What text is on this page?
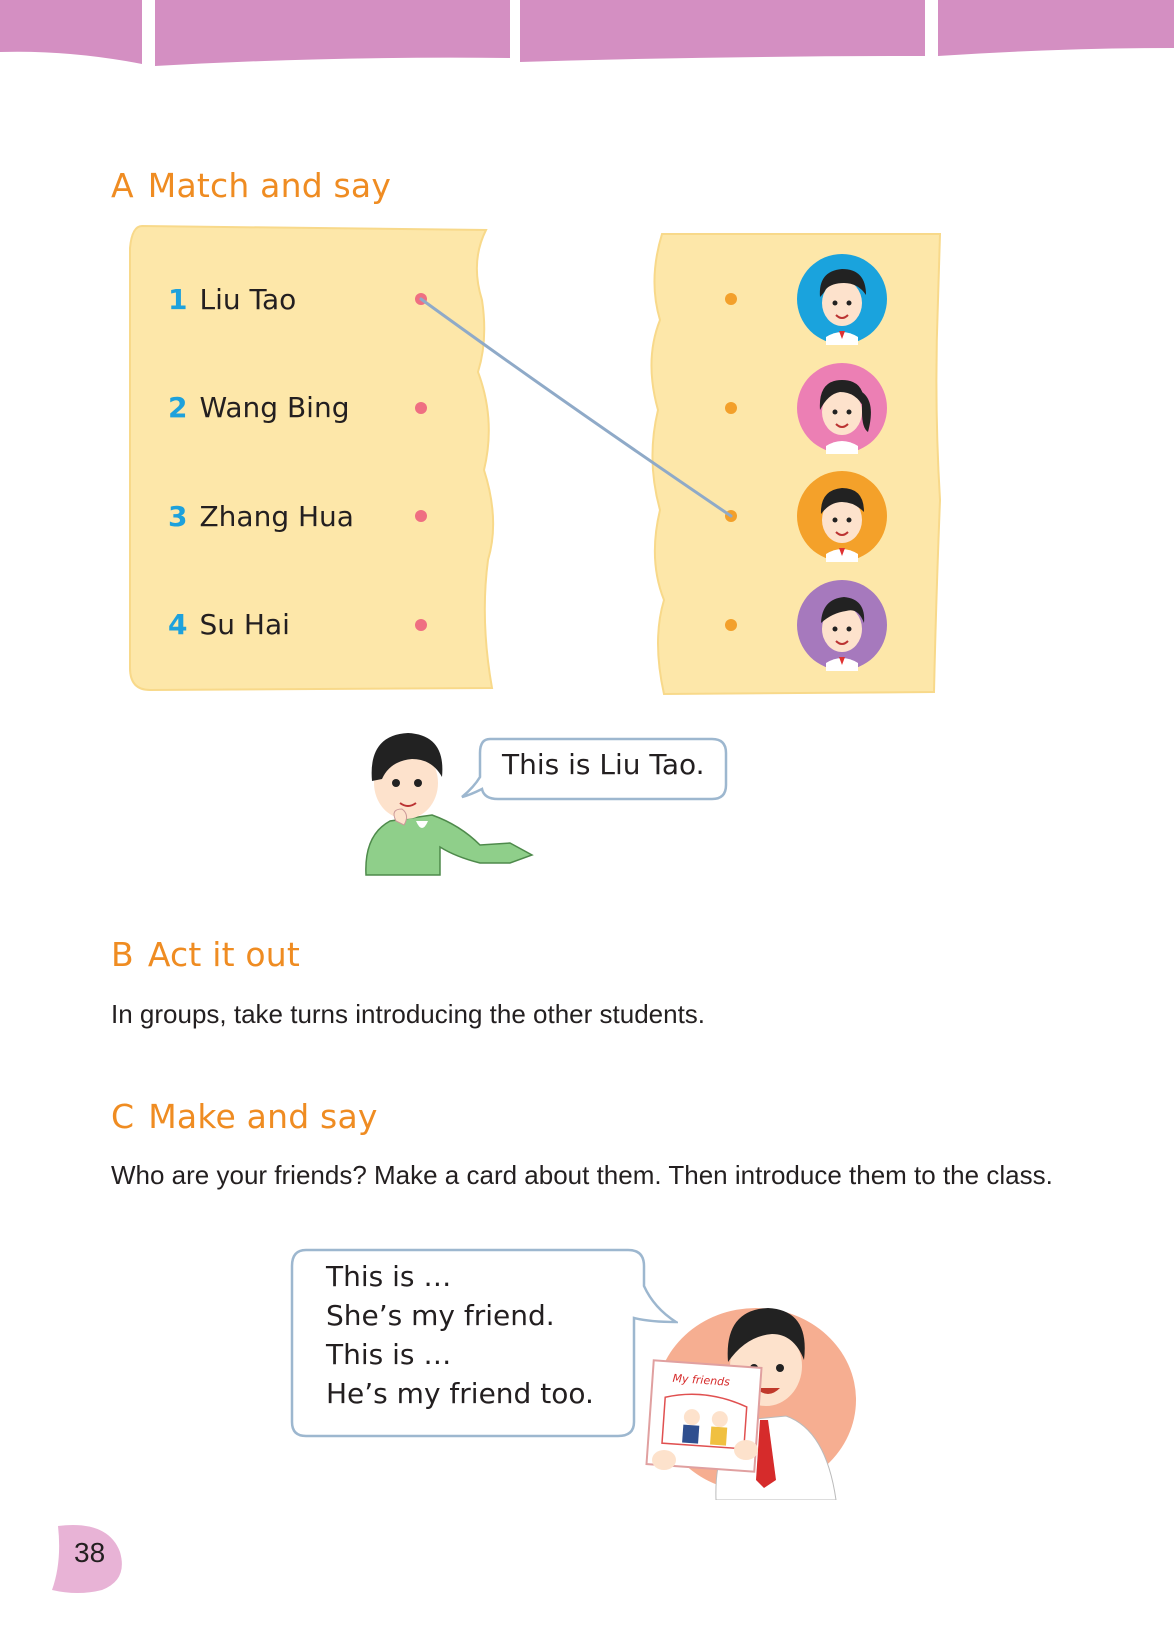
A Match and say
1 Liu Tao
2 Wang Bing
3 Zhang Hua
4 Su Hai

This is Liu Tao.

B Act it out

In groups, take turns introducing the other students.

C Make and say

Who are your friends? Make a card about them. Then introduce them to the class.

This is …
She’s my friend.
This is …
He’s my friend too.	My friends
38
